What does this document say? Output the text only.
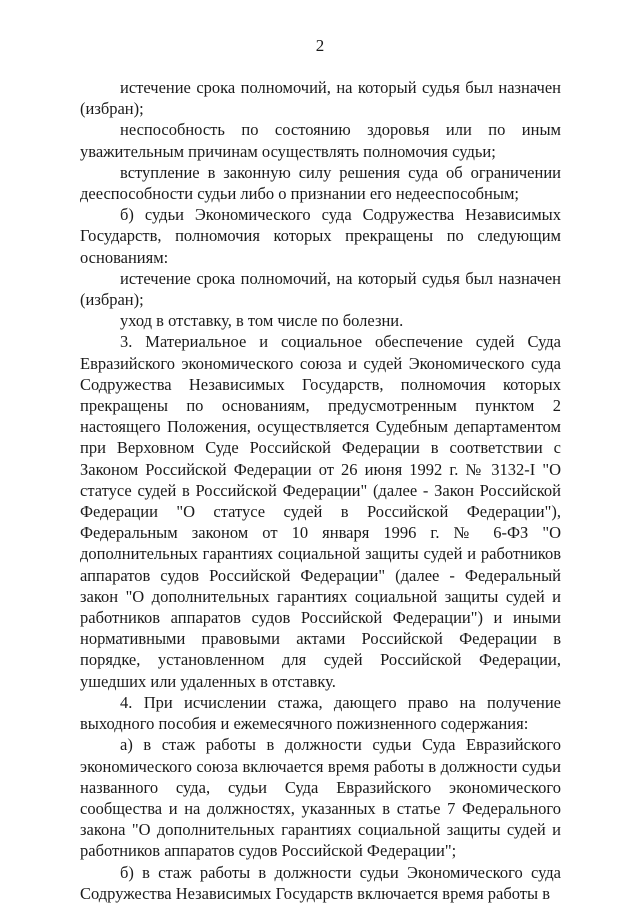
2

истечение срока полномочий, на который судья был назначен (избран);

неспособность по состоянию здоровья или по иным уважительным причинам осуществлять полномочия судьи;

вступление в законную силу решения суда об ограничении дееспособности судьи либо о признании его недееспособным;

б) судьи Экономического суда Содружества Независимых Государств, полномочия которых прекращены по следующим основаниям:

истечение срока полномочий, на который судья был назначен (избран);

уход в отставку, в том числе по болезни.

3. Материальное и социальное обеспечение судей Суда Евразийского экономического союза и судей Экономического суда Содружества Независимых Государств, полномочия которых прекращены по основаниям, предусмотренным пунктом 2 настоящего Положения, осуществляется Судебным департаментом при Верховном Суде Российской Федерации в соответствии с Законом Российской Федерации от 26 июня 1992 г. № 3132-I "О статусе судей в Российской Федерации" (далее - Закон Российской Федерации "О статусе судей в Российской Федерации"), Федеральным законом от 10 января 1996 г. № 6-ФЗ "О дополнительных гарантиях социальной защиты судей и работников аппаратов судов Российской Федерации" (далее - Федеральный закон "О дополнительных гарантиях социальной защиты судей и работников аппаратов судов Российской Федерации") и иными нормативными правовыми актами Российской Федерации в порядке, установленном для судей Российской Федерации, ушедших или удаленных в отставку.

4. При исчислении стажа, дающего право на получение выходного пособия и ежемесячного пожизненного содержания:

а) в стаж работы в должности судьи Суда Евразийского экономического союза включается время работы в должности судьи названного суда, судьи Суда Евразийского экономического сообщества и на должностях, указанных в статье 7 Федерального закона "О дополнительных гарантиях социальной защиты судей и работников аппаратов судов Российской Федерации";

б) в стаж работы в должности судьи Экономического суда Содружества Независимых Государств включается время работы в
